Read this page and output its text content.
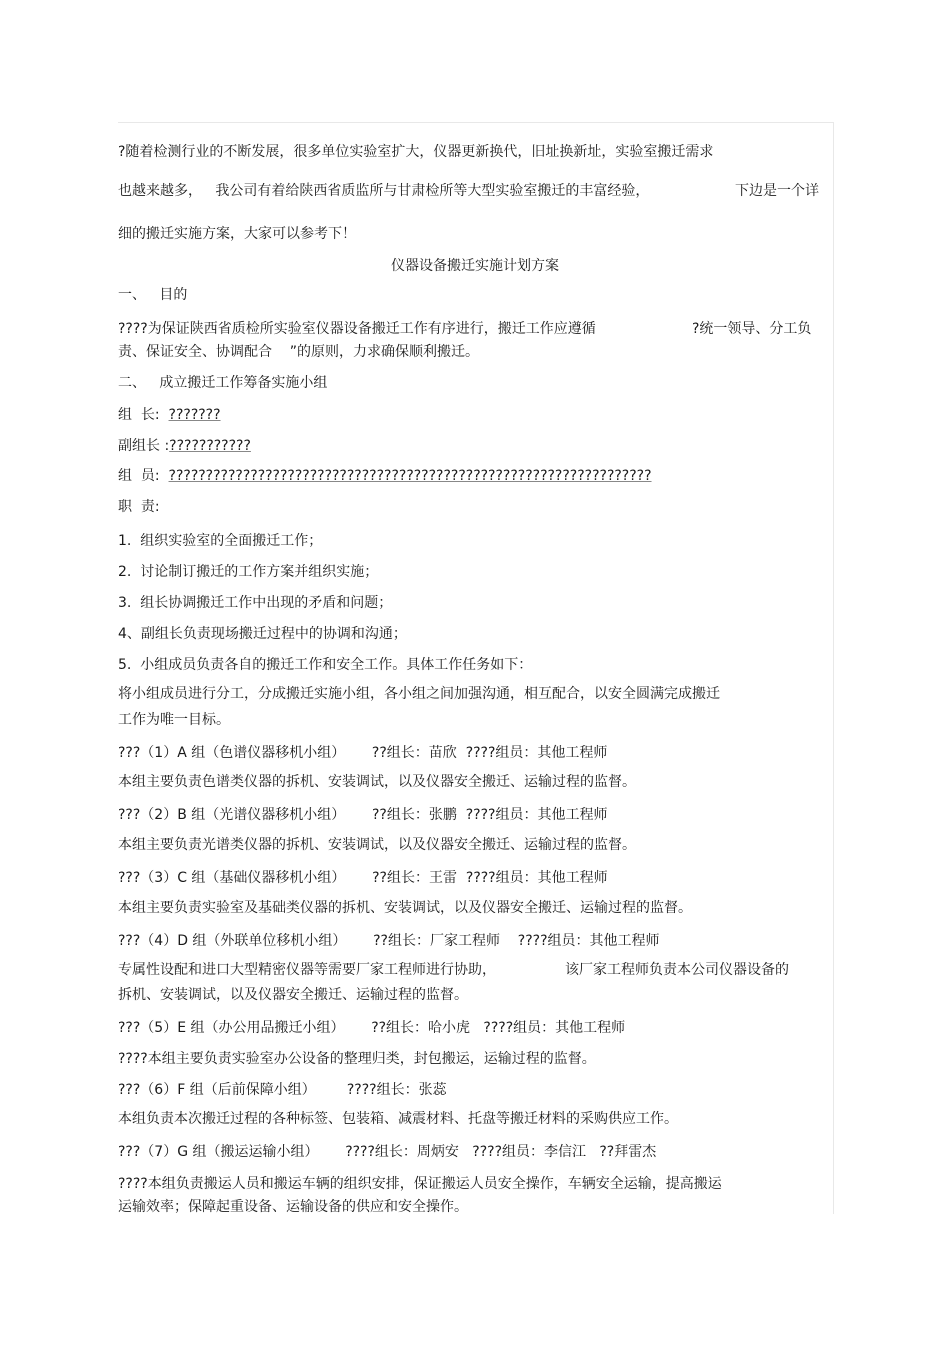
?随着检测行业的不断发展，很多单位实验室扩大，仪器更新换代，旧址换新址，实验室搬迁需求
也越来越多，   我公司有着给陕西省质监所与甘肃检所等大型实验室搬迁的丰富经验，	下边是一个详
细的搬迁实施方案，大家可以参考下！
仪器设备搬迁实施计划方案
一、   目的
????为保证陕西省质检所实验室仪器设备搬迁工作有序进行，搬迁工作应遵循	?统一领导、分工负
责、保证安全、协调配合    ”的原则，力求确保顺利搬迁。
二、   成立搬迁工作筹备实施小组
组  长:  ???????
副组长 :???????????
组  员:  ?????????????????????????????????????????????????????????????????
职  责:
1.  组织实验室的全面搬迁工作；
2.  讨论制订搬迁的工作方案并组织实施；
3.  组长协调搬迁工作中出现的矛盾和问题；
4、副组长负责现场搬迁过程中的协调和沟通；
5.  小组成员负责各自的搬迁工作和安全工作。具体工作任务如下：
将小组成员进行分工，分成搬迁实施小组，各小组之间加强沟通，相互配合，以安全圆满完成搬迁
工作为唯一目标。
???（1）A 组（色谱仪器移机小组）      ??组长：苗欣  ????组员：其他工程师
本组主要负责色谱类仪器的拆机、安装调试，以及仪器安全搬迁、运输过程的监督。
???（2）B 组（光谱仪器移机小组）      ??组长：张鹏  ????组员：其他工程师
本组主要负责光谱类仪器的拆机、安装调试，以及仪器安全搬迁、运输过程的监督。
???（3）C 组（基础仪器移机小组）      ??组长：王雷  ????组员：其他工程师
本组主要负责实验室及基础类仪器的拆机、安装调试，以及仪器安全搬迁、运输过程的监督。
???（4）D 组（外联单位移机小组）      ??组长：厂家工程师    ????组员：其他工程师
专属性设配和进口大型精密仪器等需要厂家工程师进行协助，	该厂家工程师负责本公司仪器设备的
拆机、安装调试，以及仪器安全搬迁、运输过程的监督。
???（5）E 组（办公用品搬迁小组）      ??组长：哈小虎   ????组员：其他工程师
????本组主要负责实验室办公设备的整理归类，封包搬运，运输过程的监督。
???（6）F 组（后前保障小组）       ????组长：张蕊
本组负责本次搬迁过程的各种标签、包装箱、减震材料、托盘等搬迁材料的采购供应工作。
???（7）G 组（搬运运输小组）      ????组长：周炳安   ????组员：李信江   ??拜雷杰
????本组负责搬运人员和搬运车辆的组织安排，保证搬运人员安全操作，车辆安全运输，提高搬运
运输效率；保障起重设备、运输设备的供应和安全操作。
